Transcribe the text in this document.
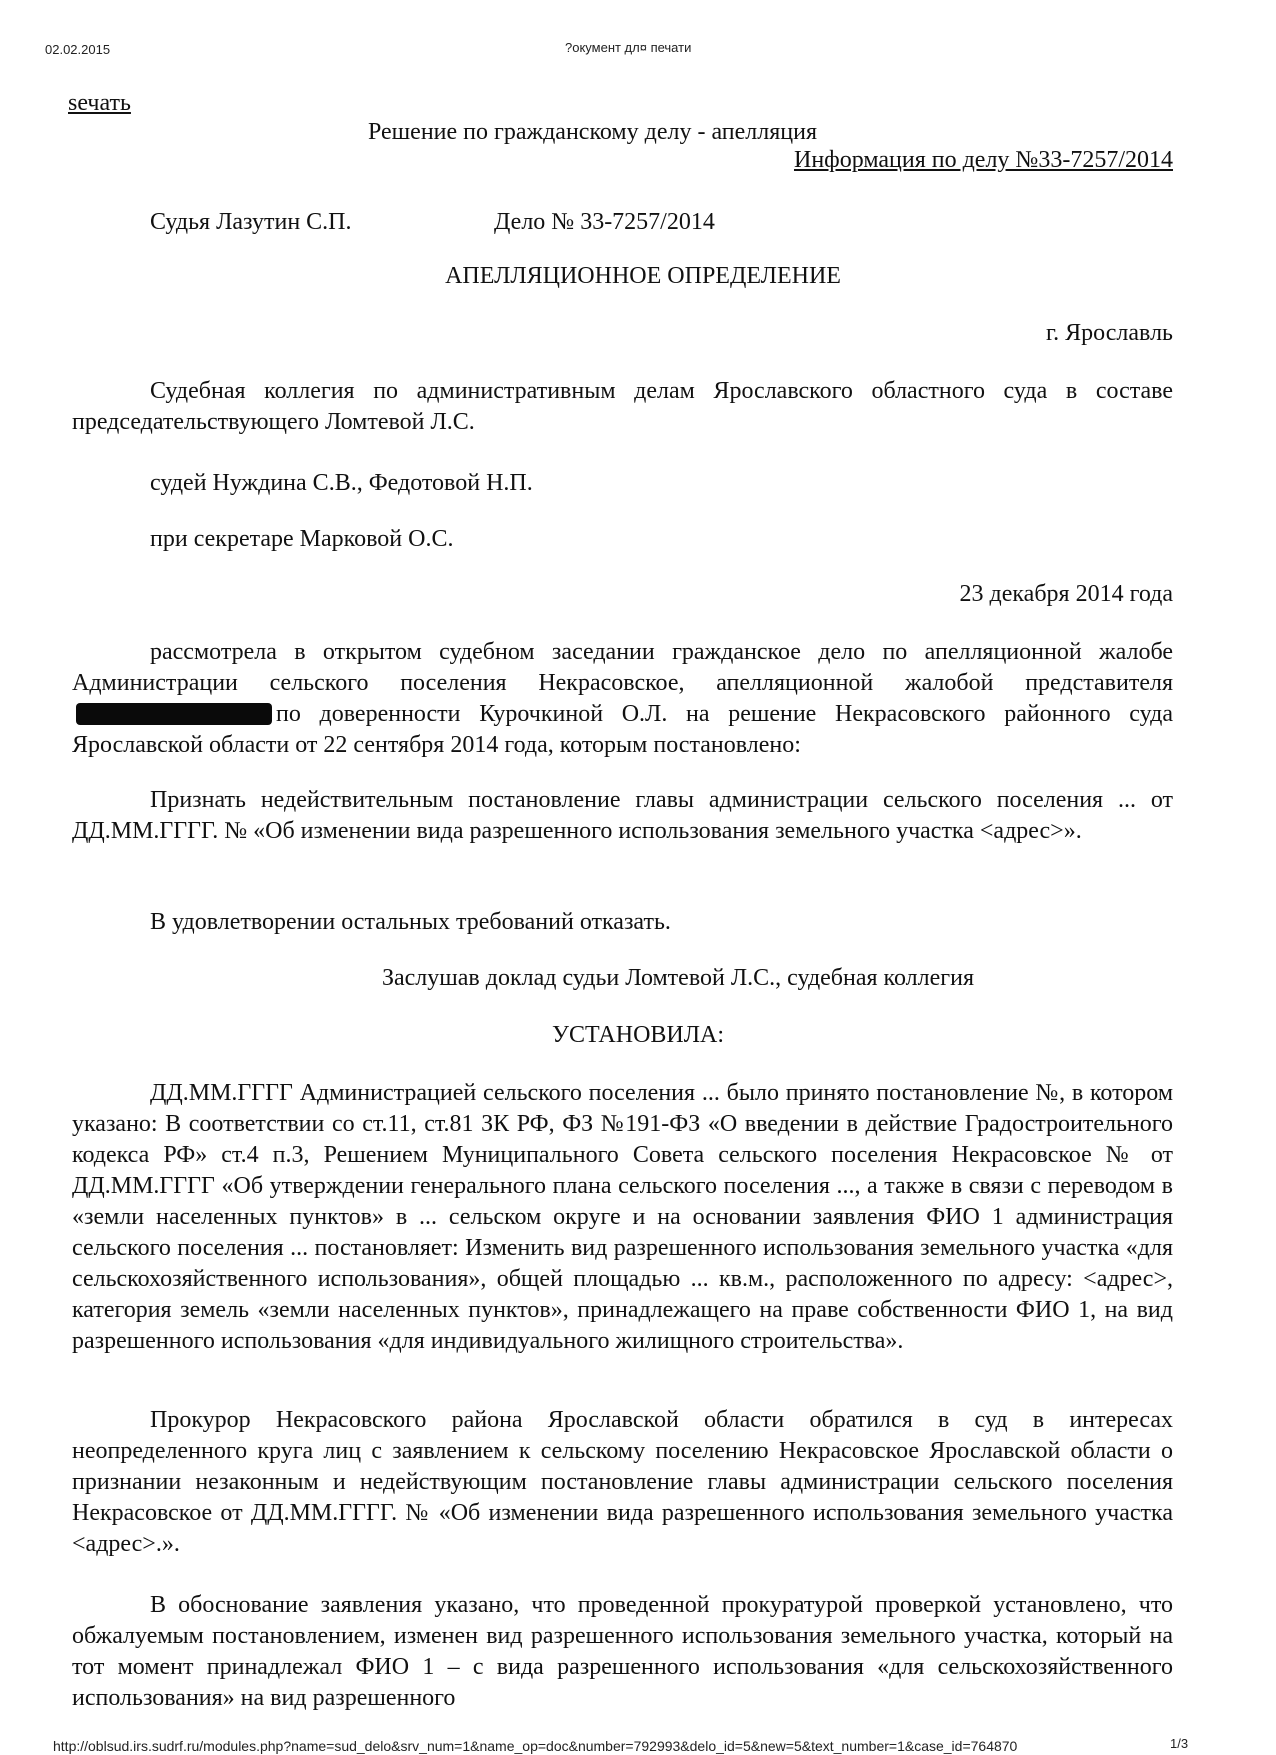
02.02.2015	?окумент дл¤ печати
ѕечать
Решение по гражданскому делу - апелляция
Информация по делу №33-7257/2014
Судья Лазутин С.П.	Дело № 33-7257/2014
АПЕЛЛЯЦИОННОЕ ОПРЕДЕЛЕНИЕ
г. Ярославль
Судебная коллегия по административным делам Ярославского областного суда в составе председательствующего Ломтевой Л.С.
судей Нуждина С.В., Федотовой Н.П.
при секретаре Марковой О.С.
23 декабря 2014 года
рассмотрела в открытом судебном заседании гражданское дело по апелляционной жалобе Администрации сельского поселения Некрасовское, апелляционной жалобой представителяпо доверенности Курочкиной О.Л. на решение Некрасовского районного суда Ярославской области от 22 сентября 2014 года, которым постановлено:
Признать недействительным постановление главы администрации сельского поселения ... от ДД.ММ.ГГГГ. № «Об изменении вида разрешенного использования земельного участка <адрес>».
В удовлетворении остальных требований отказать.
Заслушав доклад судьи Ломтевой Л.С., судебная коллегия
УСТАНОВИЛА:
ДД.ММ.ГГГГ Администрацией сельского поселения ... было принято постановление №, в котором указано: В соответствии со ст.11, ст.81 ЗК РФ, ФЗ №191-ФЗ «О введении в действие Градостроительного кодекса РФ» ст.4 п.3, Решением Муниципального Совета сельского поселения Некрасовское № от ДД.ММ.ГГГГ «Об утверждении генерального плана сельского поселения ..., а также в связи с переводом в «земли населенных пунктов» в ... сельском округе и на основании заявления ФИО 1 администрация сельского поселения ... постановляет: Изменить вид разрешенного использования земельного участка «для сельскохозяйственного использования», общей площадью ... кв.м., расположенного по адресу: <адрес>, категория земель «земли населенных пунктов», принадлежащего на праве собственности ФИО 1, на вид разрешенного использования «для индивидуального жилищного строительства».
Прокурор Некрасовского района Ярославской области обратился в суд в интересах неопределенного круга лиц с заявлением к сельскому поселению Некрасовское Ярославской области о признании незаконным и недействующим постановление главы администрации сельского поселения Некрасовское от ДД.ММ.ГГГГ. № «Об изменении вида разрешенного использования земельного участка <адрес>.».
В обоснование заявления указано, что проведенной прокуратурой проверкой установлено, что обжалуемым постановлением, изменен вид разрешенного использования земельного участка, который на тот момент принадлежал ФИО 1 – с вида разрешенного использования «для сельскохозяйственного использования» на вид разрешенного
http://oblsud.irs.sudrf.ru/modules.php?name=sud_delo&srv_num=1&name_op=doc&number=792993&delo_id=5&new=5&text_number=1&case_id=764870	1/3
